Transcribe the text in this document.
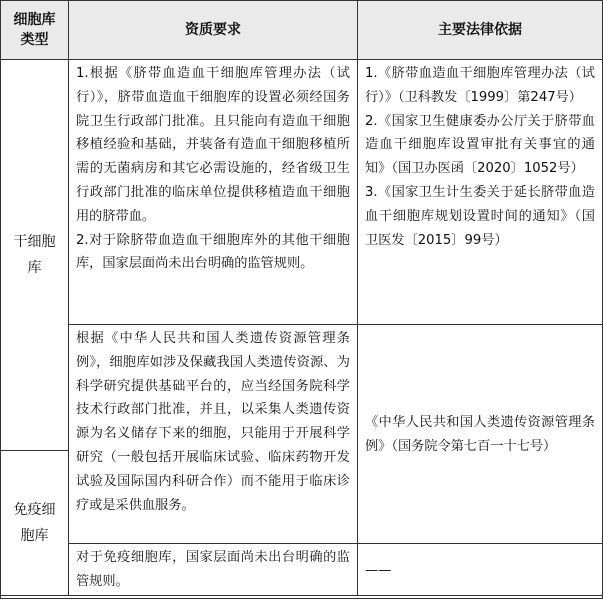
细胞库类型
资质要求	主要法律依据
干细胞库
免疫细胞库

1.根据《脐带血造血干细胞库管理办法（试行）》，脐带血造血干细胞库的设置必须经国务院卫生行政部门批准。且只能向有造血干细胞移植经验和基础，并装备有造血干细胞移植所需的无菌病房和其它必需设施的，经省级卫生行政部门批准的临床单位提供移植造血干细胞用的脐带血。

2.对于除脐带血造血干细胞库外的其他干细胞库，国家层面尚未出台明确的监管规则。

根据《中华人民共和国人类遗传资源管理条例》，细胞库如涉及保藏我国人类遗传资源、为科学研究提供基础平台的，应当经国务院科学技术行政部门批准，并且，以采集人类遗传资源为名义储存下来的细胞，只能用于开展科学研究（一般包括开展临床试验、临床药物开发试验及国际国内科研合作）而不能用于临床诊疗或是采供血服务。

对于免疫细胞库，国家层面尚未出台明确的监管规则。

1.《脐带血造血干细胞库管理办法（试行）》（卫科教发〔1999〕第247号）

2.《国家卫生健康委办公厅关于脐带血造血干细胞库设置审批有关事宜的通知》（国卫办医函〔2020〕1052号）

3.《国家卫生计生委关于延长脐带血造血干细胞库规划设置时间的通知》（国卫医发〔2015〕99号）

《中华人民共和国人类遗传资源管理条例》（国务院令第七百一十七号）

——
